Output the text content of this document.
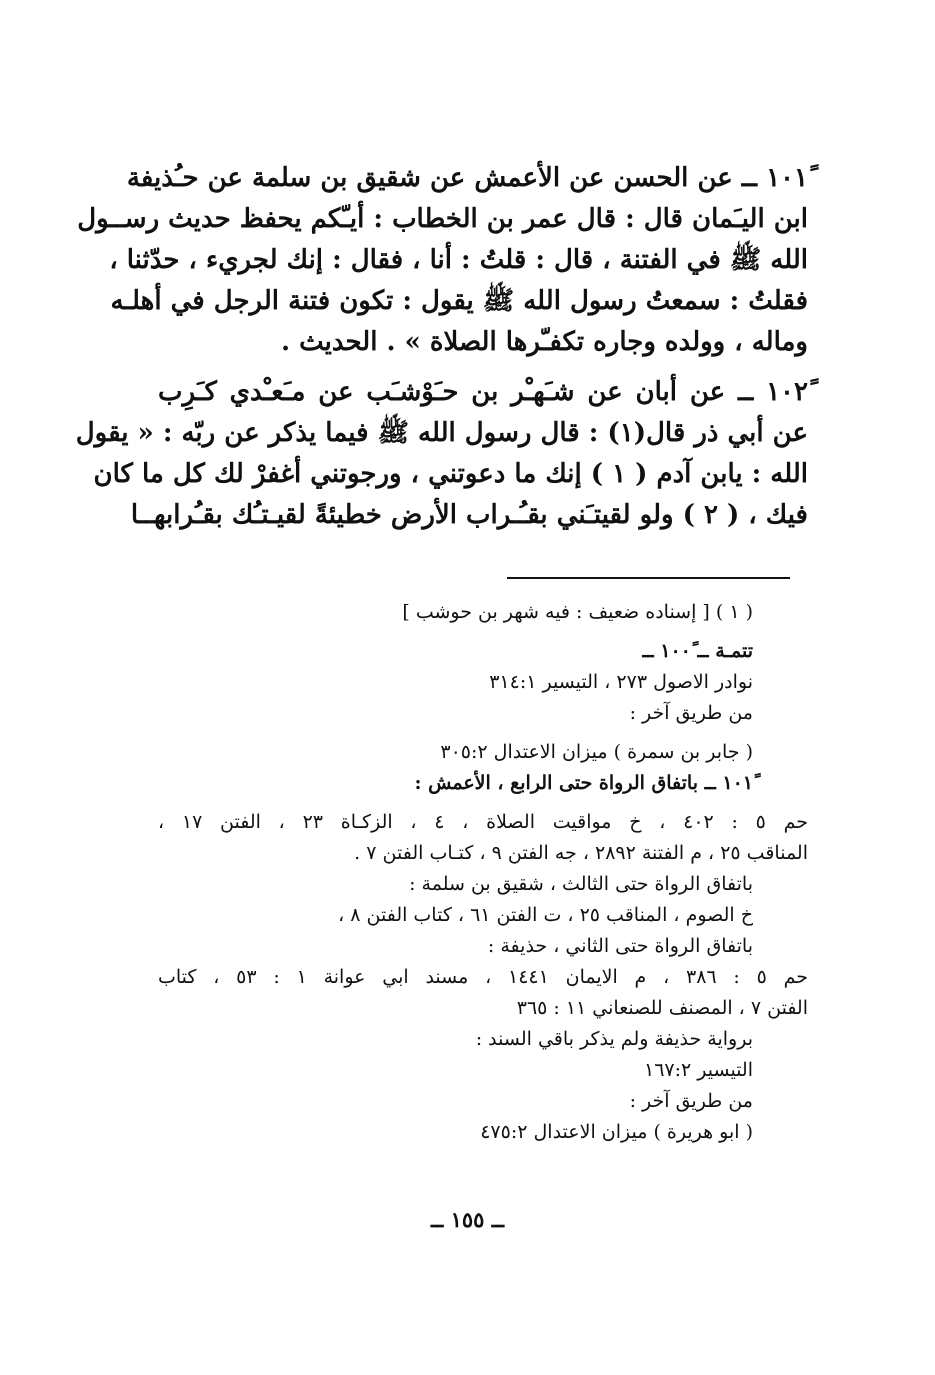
١٠١ً ــ عن الحسن عن الأعمش عن شقيق بن سلمة عن حـُذيفة
ابن اليـَمان قال : قال عمر بن الخطاب : أيـّكم يحفظ حديث رســول
الله ﷺ في الفتنة ، قال : قلتُ : أنا ، فقال : إنك لجريء ، حدّثنا ،
فقلتُ : سمعتُ رسول الله ﷺ يقول : تكون فتنة الرجل في أهلـه
وماله ، وولده وجاره تكفـّرها الصلاة » . الحديث .
١٠٢ً ــ عن أبان عن شـَهـْر بن حـَوْشـَب عن مـَعـْدي كـَرِب
عن أبي ذر قال(١) : قال رسول الله ﷺ فيما يذكر عن ربّه : « يقول
الله : يابن آدم ( ١ ) إنك ما دعوتني ، ورجوتني أغفرْ لك كل ما كان
فيك ، ( ٢ ) ولو لقيتـَني بقـُـراب الأرض خطيئةً لقيـتـُك بقـُرابهــا
( ١ ) [ إسناده ضعيف : فيه شهر بن حوشب ]
تتمـة ــ ١٠٠ً ــ
نوادر الاصول ٢٧٣ ، التيسير ٣١٤:١
من طريق آخر :
( جابر بن سمرة ) ميزان الاعتدال ٣٠٥:٢
١٠١ً ــ باتفاق الرواة حتى الرابع ، الأعمش :
حم ٥ : ٤٠٢ ، خ مواقيت الصلاة ، ٤ ، الزكـاة ٢٣ ، الفتن ١٧ ،
المناقب ٢٥ ، م الفتنة ٢٨٩٢ ، جه الفتن ٩ ، كتـاب الفتن ٧ .
باتفاق الرواة حتى الثالث ، شقيق بن سلمة :
خ الصوم ، المناقب ٢٥ ، ت الفتن ٦١ ، كتاب الفتن ٨ ،
باتفاق الرواة حتى الثاني ، حذيفة :
حم ٥ : ٣٨٦ ، م الايمان ١٤٤١ ، مسند ابي عوانة ١ : ٥٣ ، كتاب
الفتن ٧ ، المصنف للصنعاني ١١ : ٣٦٥
برواية حذيفة ولم يذكر باقي السند :
التيسير ١٦٧:٢
من طريق آخر :
( ابو هريرة ) ميزان الاعتدال ٤٧٥:٢
ــ ١٥٥ ــ
